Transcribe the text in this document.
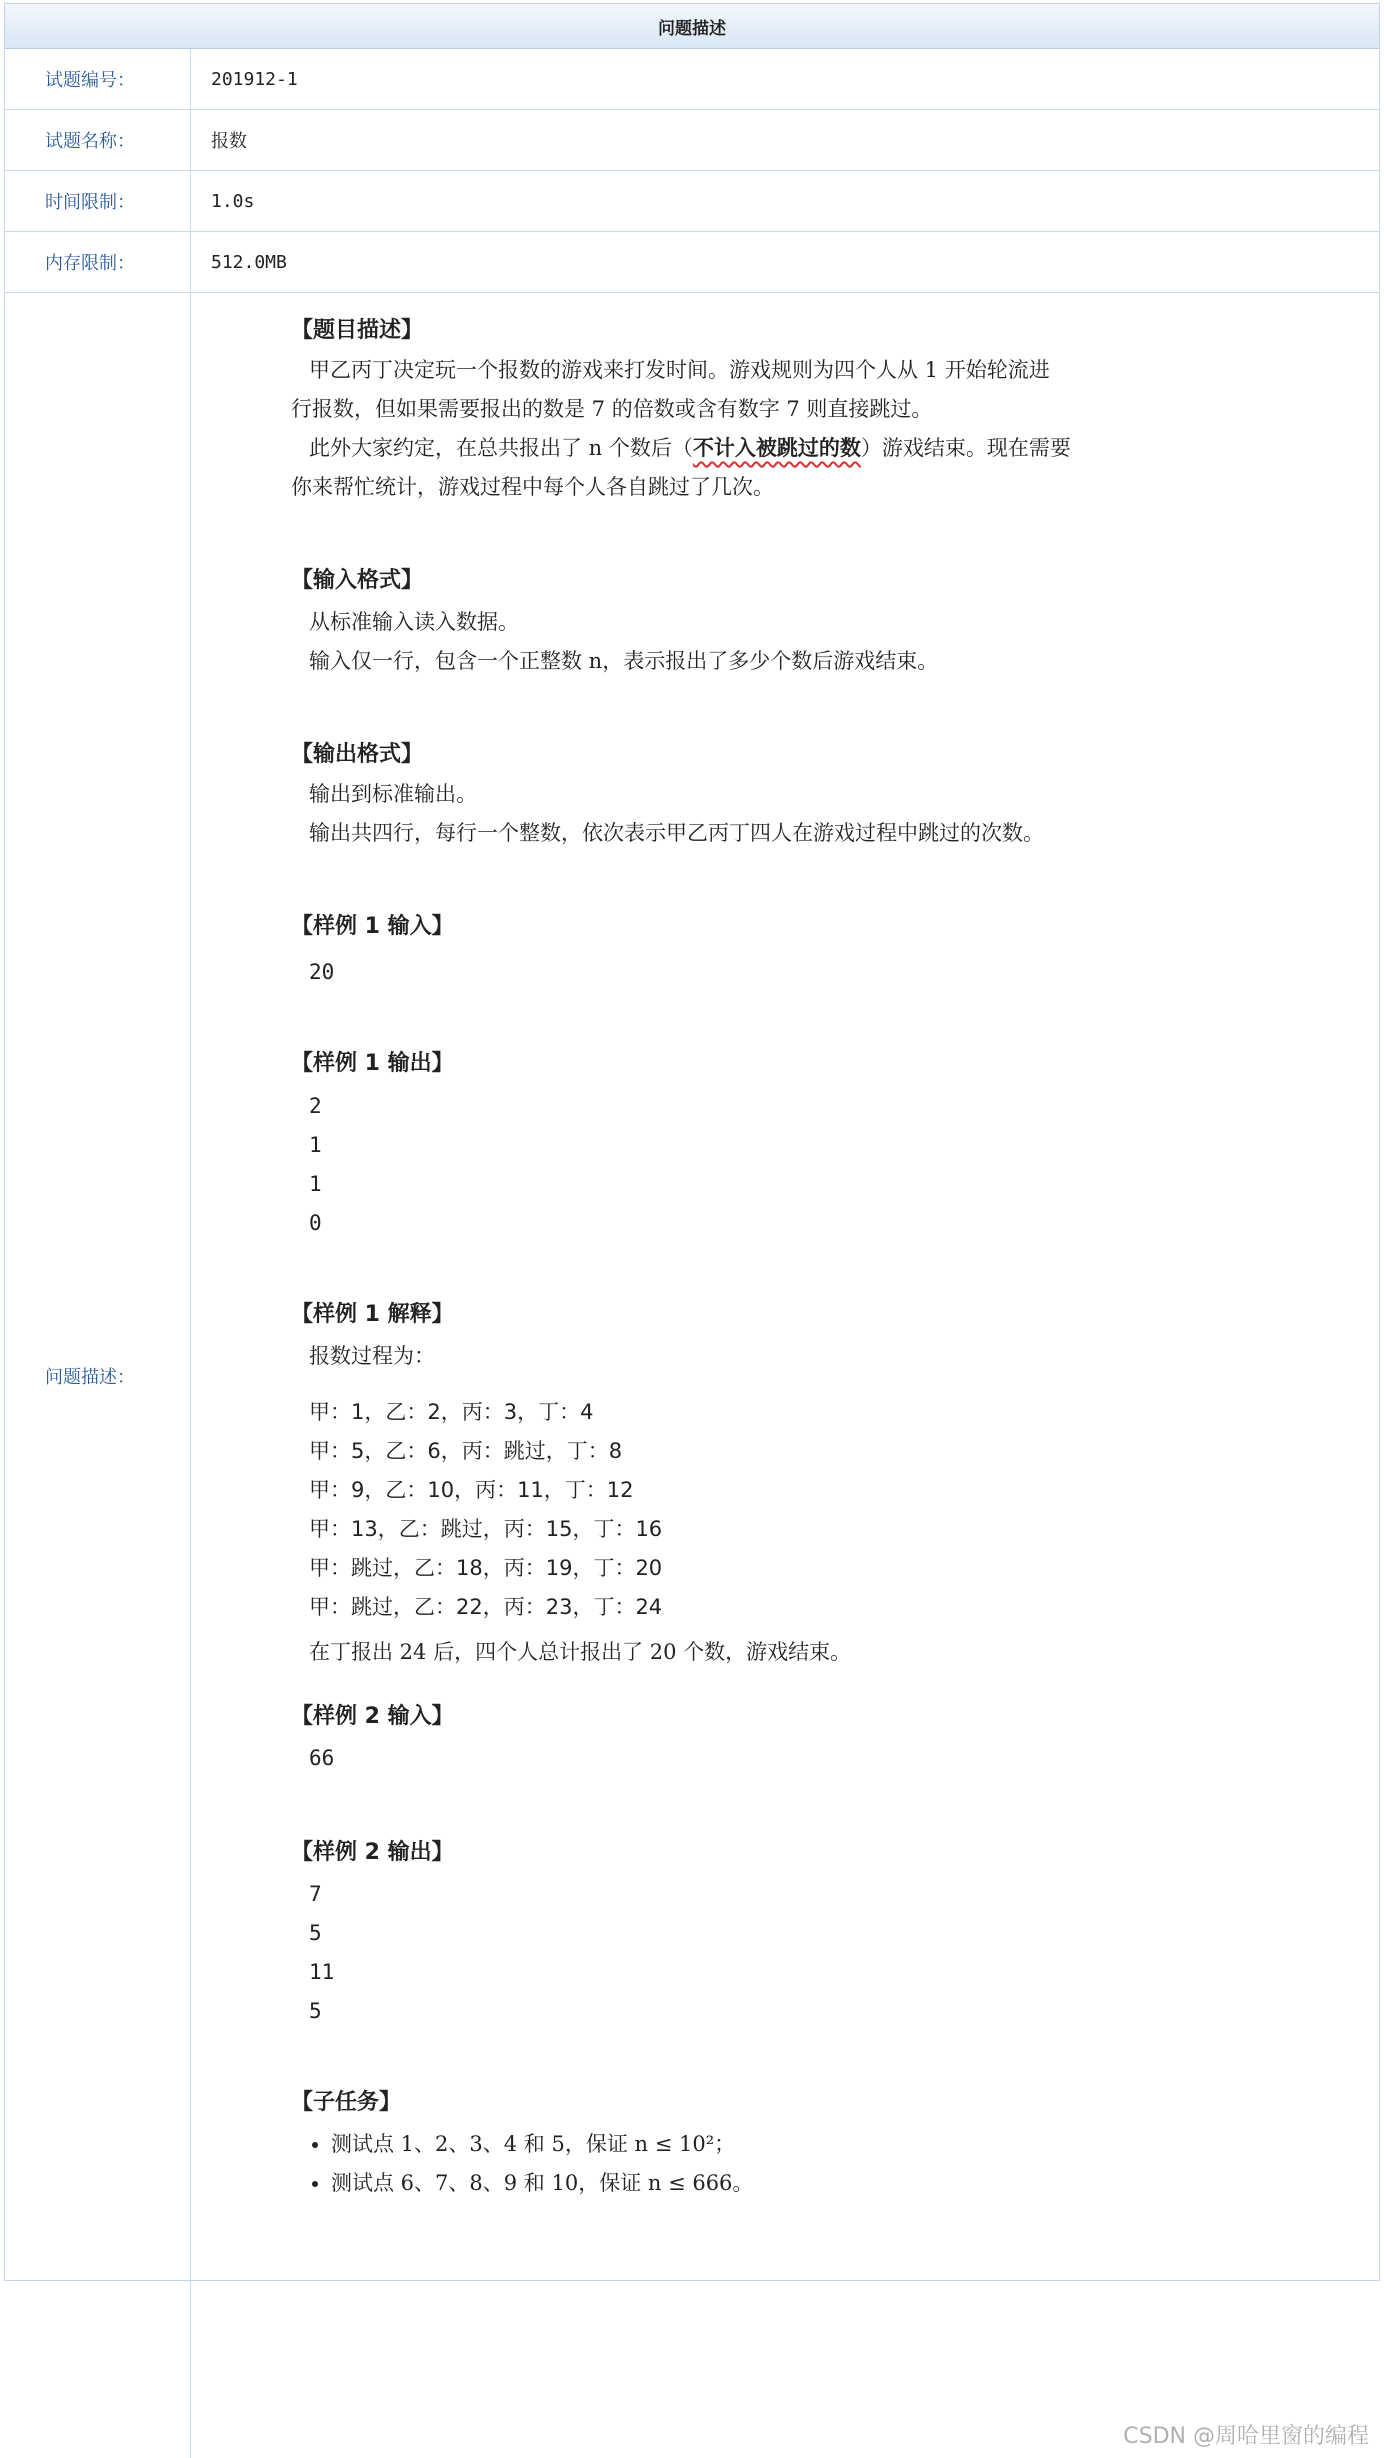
问题描述
试题编号：	201912-1
试题名称：	报数
时间限制：	1.0s
内存限制：	512.0MB
问题描述：
【题目描述】
甲乙丙丁决定玩一个报数的游戏来打发时间。游戏规则为四个人从 1 开始轮流进
行报数，但如果需要报出的数是 7 的倍数或含有数字 7 则直接跳过。
此外大家约定，在总共报出了 n 个数后（不计入被跳过的数）游戏结束。现在需要
你来帮忙统计，游戏过程中每个人各自跳过了几次。
【输入格式】
从标准输入读入数据。
输入仅一行，包含一个正整数 n，表示报出了多少个数后游戏结束。
【输出格式】
输出到标准输出。
输出共四行，每行一个整数，依次表示甲乙丙丁四人在游戏过程中跳过的次数。
【样例 1 输入】
20
【样例 1 输出】
2
1
1
0
【样例 1 解释】
报数过程为：
甲：1，乙：2，丙：3，丁：4
甲：5，乙：6，丙：跳过，丁：8
甲：9，乙：10，丙：11，丁：12
甲：13，乙：跳过，丙：15，丁：16
甲：跳过，乙：18，丙：19，丁：20
甲：跳过，乙：22，丙：23，丁：24
在丁报出 24 后，四个人总计报出了 20 个数，游戏结束。
【样例 2 输入】
66
【样例 2 输出】
7
5
11
5
【子任务】
• 测试点 1、2、3、4 和 5，保证 n ≤ 10²；
• 测试点 6、7、8、9 和 10，保证 n ≤ 666。
CSDN @周哈里窗的编程
